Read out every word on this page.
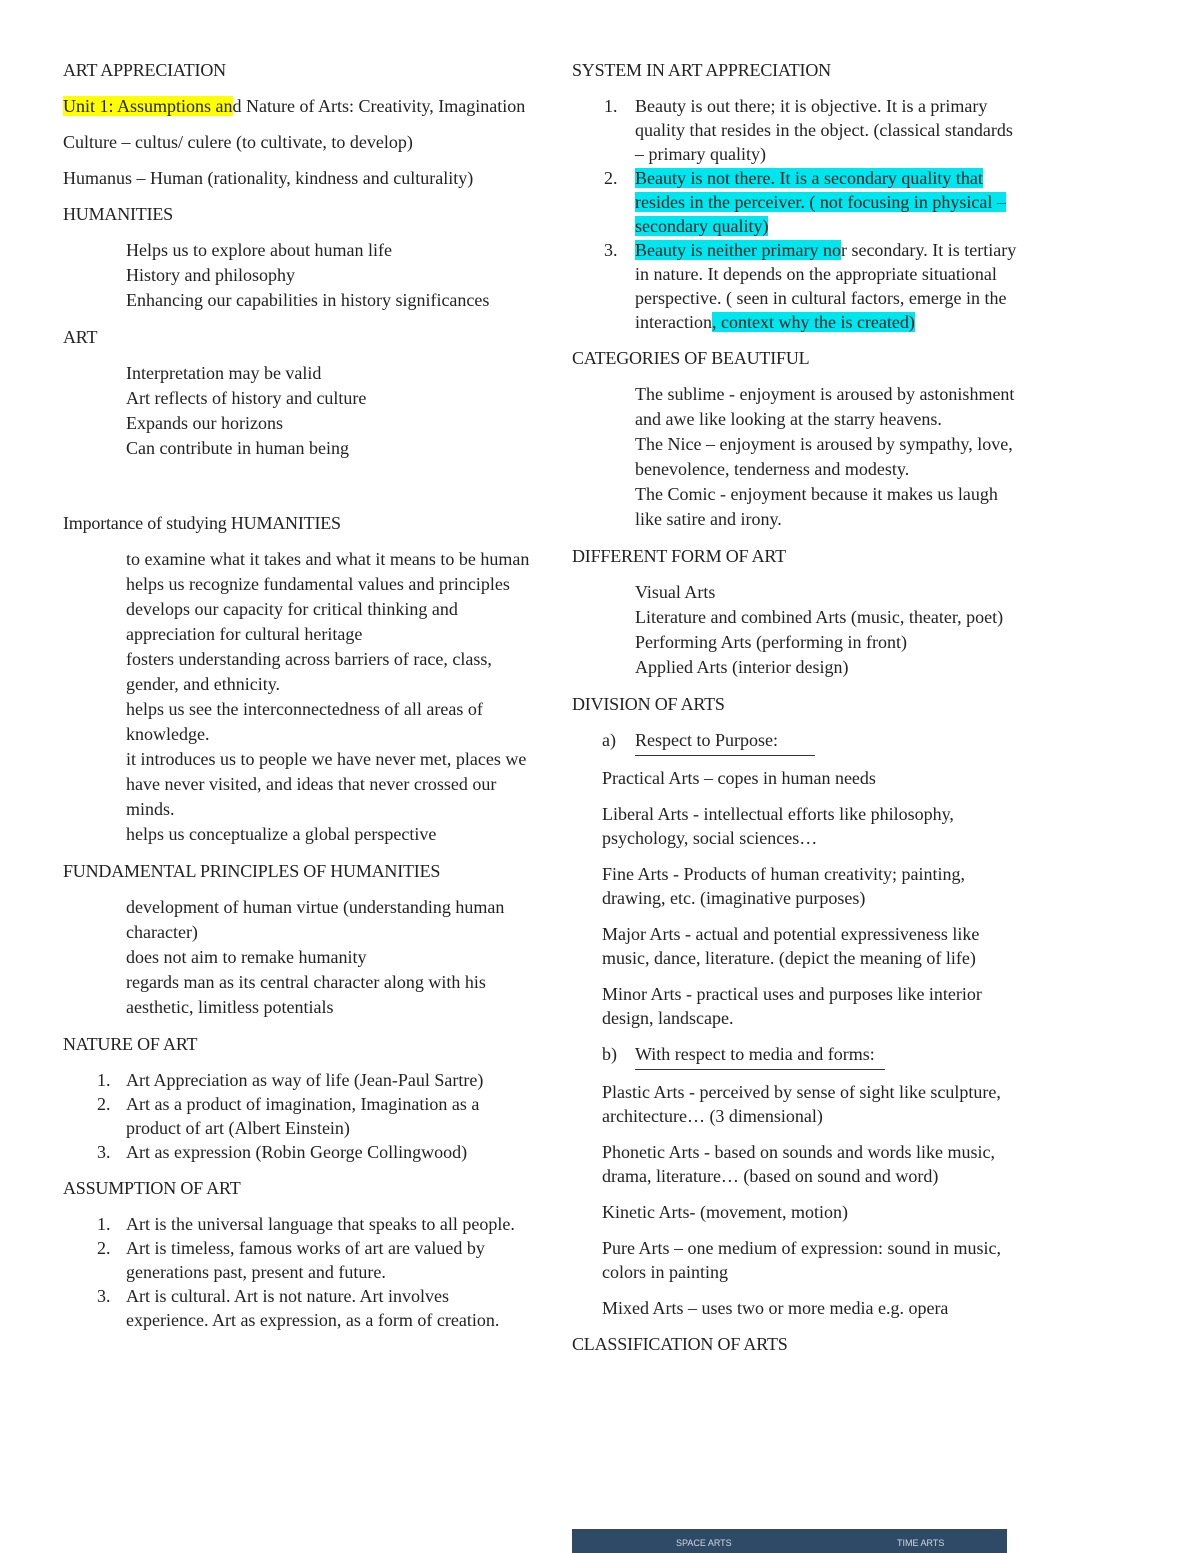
ART APPRECIATION
Unit 1: Assumptions and Nature of Arts: Creativity, Imagination
Culture – cultus/ culere (to cultivate, to develop)
Humanus – Human (rationality, kindness and culturality)
HUMANITIES
Helps us to explore about human life
History and philosophy
Enhancing our capabilities in history significances
ART
Interpretation may be valid
Art reflects of history and culture
Expands our horizons
Can contribute in human being
Importance of studying HUMANITIES
to examine what it takes and what it means to be human
helps us recognize fundamental values and principles
develops our capacity for critical thinking and appreciation for cultural heritage
fosters understanding across barriers of race, class, gender, and ethnicity.
helps us see the interconnectedness of all areas of knowledge.
it introduces us to people we have never met, places we have never visited, and ideas that never crossed our minds.
helps us conceptualize a global perspective
FUNDAMENTAL PRINCIPLES OF HUMANITIES
development of human virtue (understanding human character)
does not aim to remake humanity
regards man as its central character along with his aesthetic, limitless potentials
NATURE OF ART
1. Art Appreciation as way of life (Jean-Paul Sartre)
2. Art as a product of imagination, Imagination as a product of art (Albert Einstein)
3. Art as expression (Robin George Collingwood)
ASSUMPTION OF ART
1. Art is the universal language that speaks to all people.
2. Art is timeless, famous works of art are valued by generations past, present and future.
3. Art is cultural. Art is not nature. Art involves experience. Art as expression, as a form of creation.
SYSTEM IN ART APPRECIATION
1. Beauty is out there; it is objective. It is a primary quality that resides in the object. (classical standards – primary quality)
2. Beauty is not there. It is a secondary quality that resides in the perceiver. ( not focusing in physical – secondary quality)
3. Beauty is neither primary nor secondary. It is tertiary in nature. It depends on the appropriate situational perspective. ( seen in cultural factors, emerge in the interaction, context why the is created)
CATEGORIES OF BEAUTIFUL
The sublime - enjoyment is aroused by astonishment and awe like looking at the starry heavens.
The Nice – enjoyment is aroused by sympathy, love, benevolence, tenderness and modesty.
The Comic - enjoyment because it makes us laugh like satire and irony.
DIFFERENT FORM OF ART
Visual Arts
Literature and combined Arts (music, theater, poet)
Performing Arts (performing in front)
Applied Arts (interior design)
DIVISION OF ARTS
a) Respect to Purpose:
Practical Arts – copes in human needs
Liberal Arts - intellectual efforts like philosophy, psychology, social sciences…
Fine Arts - Products of human creativity; painting, drawing, etc. (imaginative purposes)
Major Arts - actual and potential expressiveness like music, dance, literature. (depict the meaning of life)
Minor Arts - practical uses and purposes like interior design, landscape.
b) With respect to media and forms:
Plastic Arts - perceived by sense of sight like sculpture, architecture… (3 dimensional)
Phonetic Arts - based on sounds and words like music, drama, literature… (based on sound and word)
Kinetic Arts- (movement, motion)
Pure Arts – one medium of expression: sound in music, colors in painting
Mixed Arts – uses two or more media e.g. opera
CLASSIFICATION OF ARTS
SPACE ARTS	TIME ARTS
